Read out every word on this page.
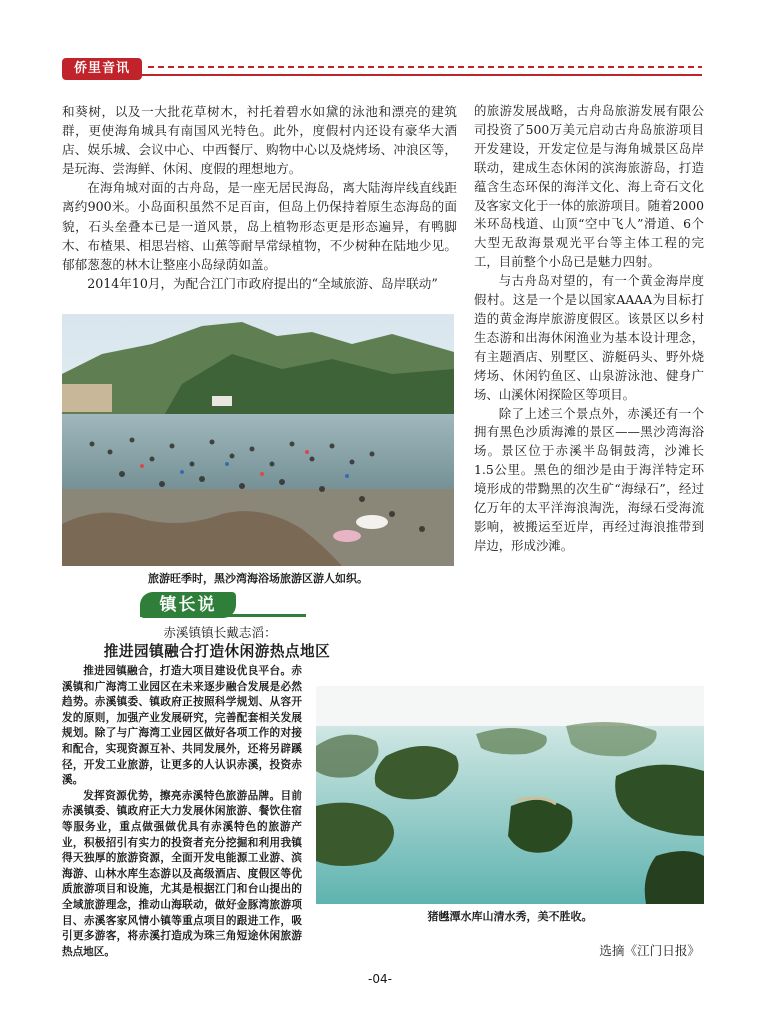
侨里音讯

和葵树，以及一大批花草树木，衬托着碧水如黛的泳池和漂亮的建筑群，更使海角城具有南国风光特色。此外，度假村内还设有豪华大酒店、娱乐城、会议中心、中西餐厅、购物中心以及烧烤场、冲浪区等，是玩海、尝海鲜、休闲、度假的理想地方。

在海角城对面的古舟岛，是一座无居民海岛，离大陆海岸线直线距离约900米。小岛面积虽然不足百亩，但岛上仍保持着原生态海岛的面貌，石头垒叠本已是一道风景，岛上植物形态更是形态遍异，有鸭脚木、布楂果、相思岩榕、山蕉等耐旱常绿植物，不少树种在陆地少见。郁郁葱葱的林木让整座小岛绿荫如盖。

2014年10月，为配合江门市政府提出的“全域旅游、岛岸联动”

的旅游发展战略，古舟岛旅游发展有限公司投资了500万美元启动古舟岛旅游项目开发建设，开发定位是与海角城景区岛岸联动，建成生态休闲的滨海旅游岛，打造蕴含生态环保的海洋文化、海上奇石文化及客家文化于一体的旅游项目。随着2000米环岛栈道、山顶“空中飞人”滑道、6个大型无敌海景观光平台等主体工程的完工，目前整个小岛已是魅力四射。

与古舟岛对望的，有一个黄金海岸度假村。这是一个是以国家AAAA为目标打造的黄金海岸旅游度假区。该景区以乡村生态游和出海休闲渔业为基本设计理念，有主题酒店、别墅区、游艇码头、野外烧烤场、休闲钓鱼区、山泉游泳池、健身广场、山溪休闲探险区等项目。

除了上述三个景点外，赤溪还有一个拥有黑色沙质海滩的景区——黑沙湾海浴场。景区位于赤溪半岛铜鼓湾，沙滩长1.5公里。黑色的细沙是由于海洋特定环境形成的带黝黑的次生矿“海绿石”，经过亿万年的太平洋海浪淘洗，海绿石受海流影响，被搬运至近岸，再经过海浪推带到岸边，形成沙滩。

旅游旺季时，黑沙湾海浴场旅游区游人如织。
镇长说
赤溪镇镇长戴志滔：
推进园镇融合打造休闲游热点地区

推进园镇融合，打造大项目建设优良平台。赤溪镇和广海湾工业园区在未来逐步融合发展是必然趋势。赤溪镇委、镇政府正按照科学规划、从容开发的原则，加强产业发展研究，完善配套相关发展规划。除了与广海湾工业园区做好各项工作的对接和配合，实现资源互补、共同发展外，还将另辟蹊径，开发工业旅游，让更多的人认识赤溪，投资赤溪。

发挥资源优势，擦亮赤溪特色旅游品牌。目前赤溪镇委、镇政府正大力发展休闲旅游、餐饮住宿等服务业，重点做强做优具有赤溪特色的旅游产业，积极招引有实力的投资者充分挖掘和利用我镇得天独厚的旅游资源，全面开发电能源工业游、滨海游、山林水库生态游以及高级酒店、度假区等优质旅游项目和设施，尤其是根据江门和台山提出的全域旅游理念，推动山海联动，做好金豚湾旅游项目、赤溪客家风情小镇等重点项目的跟进工作，吸引更多游客，将赤溪打造成为珠三角短途休闲旅游热点地区。

猪乸潭水库山清水秀，美不胜收。
选摘《江门日报》
-04-
